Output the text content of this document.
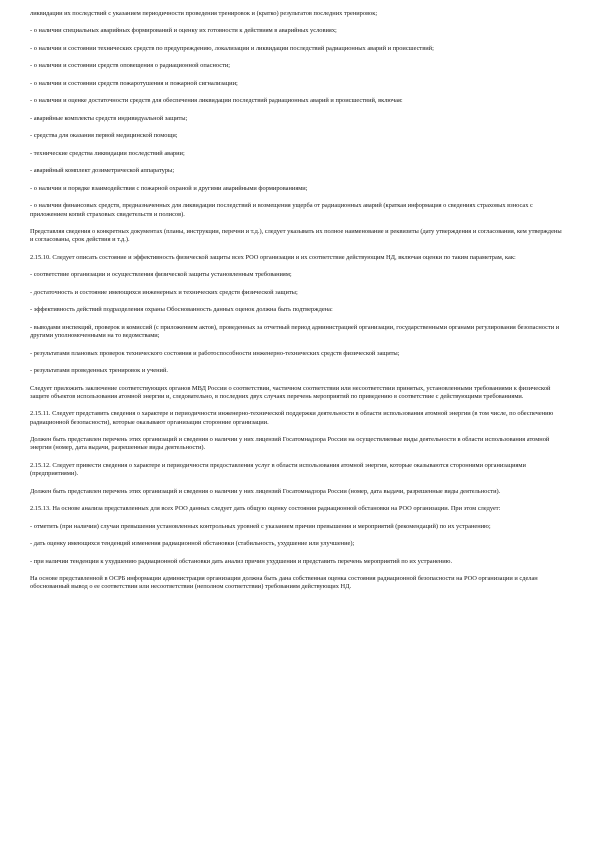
ликвидации их последствий с указанием периодичности проведения тренировок и (кратко) результатов последних тренировок;

- о наличии специальных аварийных формирований и оценку их готовности к действиям в аварийных условиях;

- о наличии и состоянии технических средств по предупреждению, локализации и ликвидации последствий радиационных аварий и происшествий;

- о наличии и состоянии средств оповещения о радиационной опасности;

- о наличии и состоянии средств пожаротушения и пожарной сигнализации;

- о наличии и оценке достаточности средств для обеспечения ликвидации последствий радиационных аварий и происшествий, включая:

- аварийные комплекты средств индивидуальной защиты;

- средства для оказания первой медицинской помощи;

- технические средства ликвидации последствий аварии;

- аварийный комплект дозиметрической аппаратуры;

- о наличии и порядке взаимодействия с пожарной охраной и другими аварийными формированиями;

- о наличии финансовых средств, предназначенных для ликвидации последствий и возмещения ущерба от радиационных аварий (краткая информация о сведениях страховых взносах с приложением копий страховых свидетельств и полисов).

Представляя сведения о конкретных документах (планы, инструкции, перечни и т.д.), следует указывать их полное наименование и реквизиты (дату утверждения и согласования, кем утверждены и согласованы, срок действия и т.д.).

2.15.10. Следует описать состояние и эффективность физической защиты всех РОО организации и их соответствие действующим НД, включая оценки по таким параметрам, как:

- соответствие организации и осуществления физической защиты установленным требованиям;

- достаточность и состояние имеющихся инженерных и технических средств физической защиты;

- эффективность действий подразделения охраны Обоснованность данных оценок должна быть подтверждена:

- выводами инспекций, проверок и комиссий (с приложением актов), проведенных за отчетный период администрацией организации, государственными органами регулирования безопасности и другими уполномоченными на то ведомствами;

- результатами плановых проверок технического состояния и работоспособности инженерно-технических средств физической защиты;

- результатами проведенных тренировок и учений.

Следует приложить заключение соответствующих органов МВД России о соответствии, частичном соответствии или несоответствии принятых, установленными требованиями к физической защите объектов использования атомной энергии и, следовательно, в последних двух случаях перечень мероприятий по приведению в соответствие с действующими требованиями.

2.15.11. Следует представить сведения о характере и периодичности инженерно-технической поддержки деятельности в области использования атомной энергии (в том числе, по обеспечению радиационной безопасности), которые оказывают организации сторонние организации.

Должен быть представлен перечень этих организаций и сведения о наличии у них лицензий Госатомнадзора России на осуществляемые виды деятельности в области использования атомной энергии (номер, дата выдачи, разрешенные виды деятельности).

2.15.12. Следует привести сведения о характере и периодичности предоставления услуг в области использования атомной энергии, которые оказываются сторонними организациями (предприятиями).

Должен быть представлен перечень этих организаций и сведения о наличии у них лицензий Госатомнадзора России (номер, дата выдачи, разрешенные виды деятельности).

2.15.13. На основе анализа представленных для всех РОО данных следует дать общую оценку состояния радиационной обстановки на РОО организации. При этом следует:

- отметить (при наличии) случаи превышения установленных контрольных уровней с указанием причин превышения и мероприятий (рекомендаций) по их устранению;

- дать оценку имеющихся тенденций изменения радиационной обстановки (стабильность, ухудшение или улучшение);

- при наличии тенденции к ухудшению радиационной обстановки дать анализ причин ухудшения и представить перечень мероприятий по их устранению.

На основе представленной в ОСРБ информации администрация организации должна быть дана собственная оценка состояния радиационной безопасности на РОО организации и сделан обоснованный вывод о ее соответствии или несоответствии (неполном соответствии) требованиям действующих НД.
